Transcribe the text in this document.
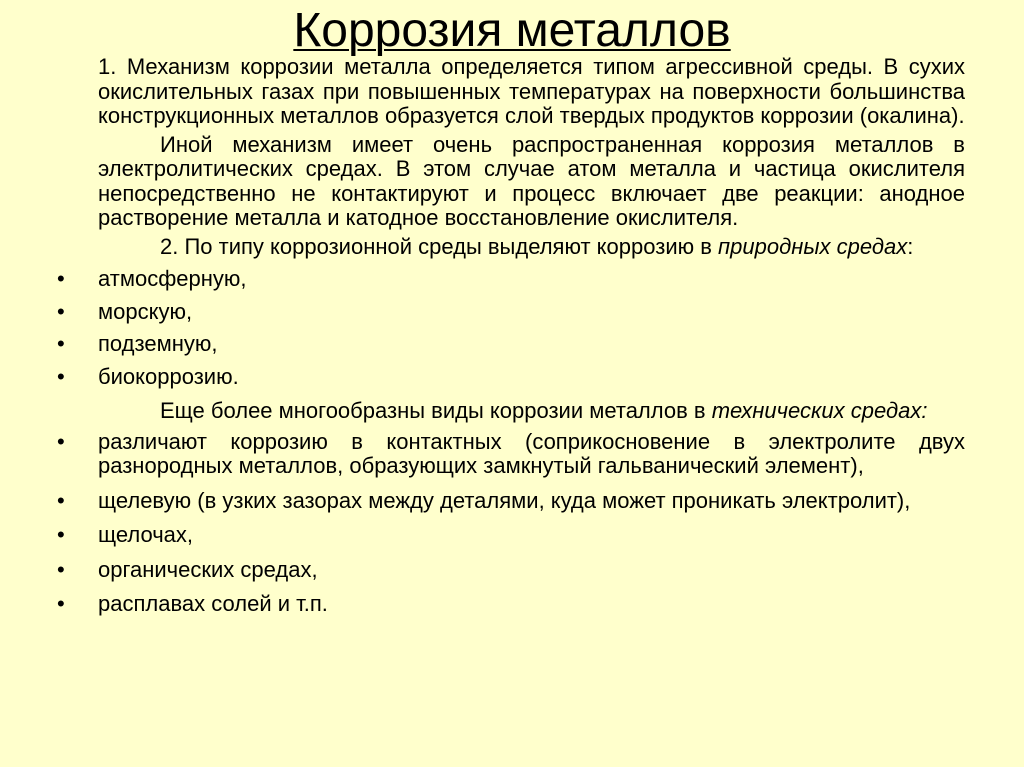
Коррозия металлов
1. Механизм коррозии металла определяется типом агрессивной среды. В сухих окислительных газах при повышенных температурах на поверхности большинства конструкционных металлов образуется слой твердых продуктов коррозии (окалина).
Иной механизм имеет очень распространенная коррозия металлов в электролитических средах. В этом случае атом металла и частица окислителя непосредственно не контактируют и процесс включает две реакции: анодное растворение металла и катодное восстановление окислителя.
2. По типу коррозионной среды выделяют коррозию в природных средах:
•	атмосферную,
•	морскую,
•	подземную,
•	биокоррозию.
Еще более многообразны виды коррозии металлов в технических средах:
•	различают коррозию в контактных (соприкосновение в электролите двух разнородных металлов, образующих замкнутый гальванический элемент),
•	щелевую (в узких зазорах между деталями, куда может проникать электролит),
•	щелочах,
•	органических средах,
•	расплавах солей и т.п.
